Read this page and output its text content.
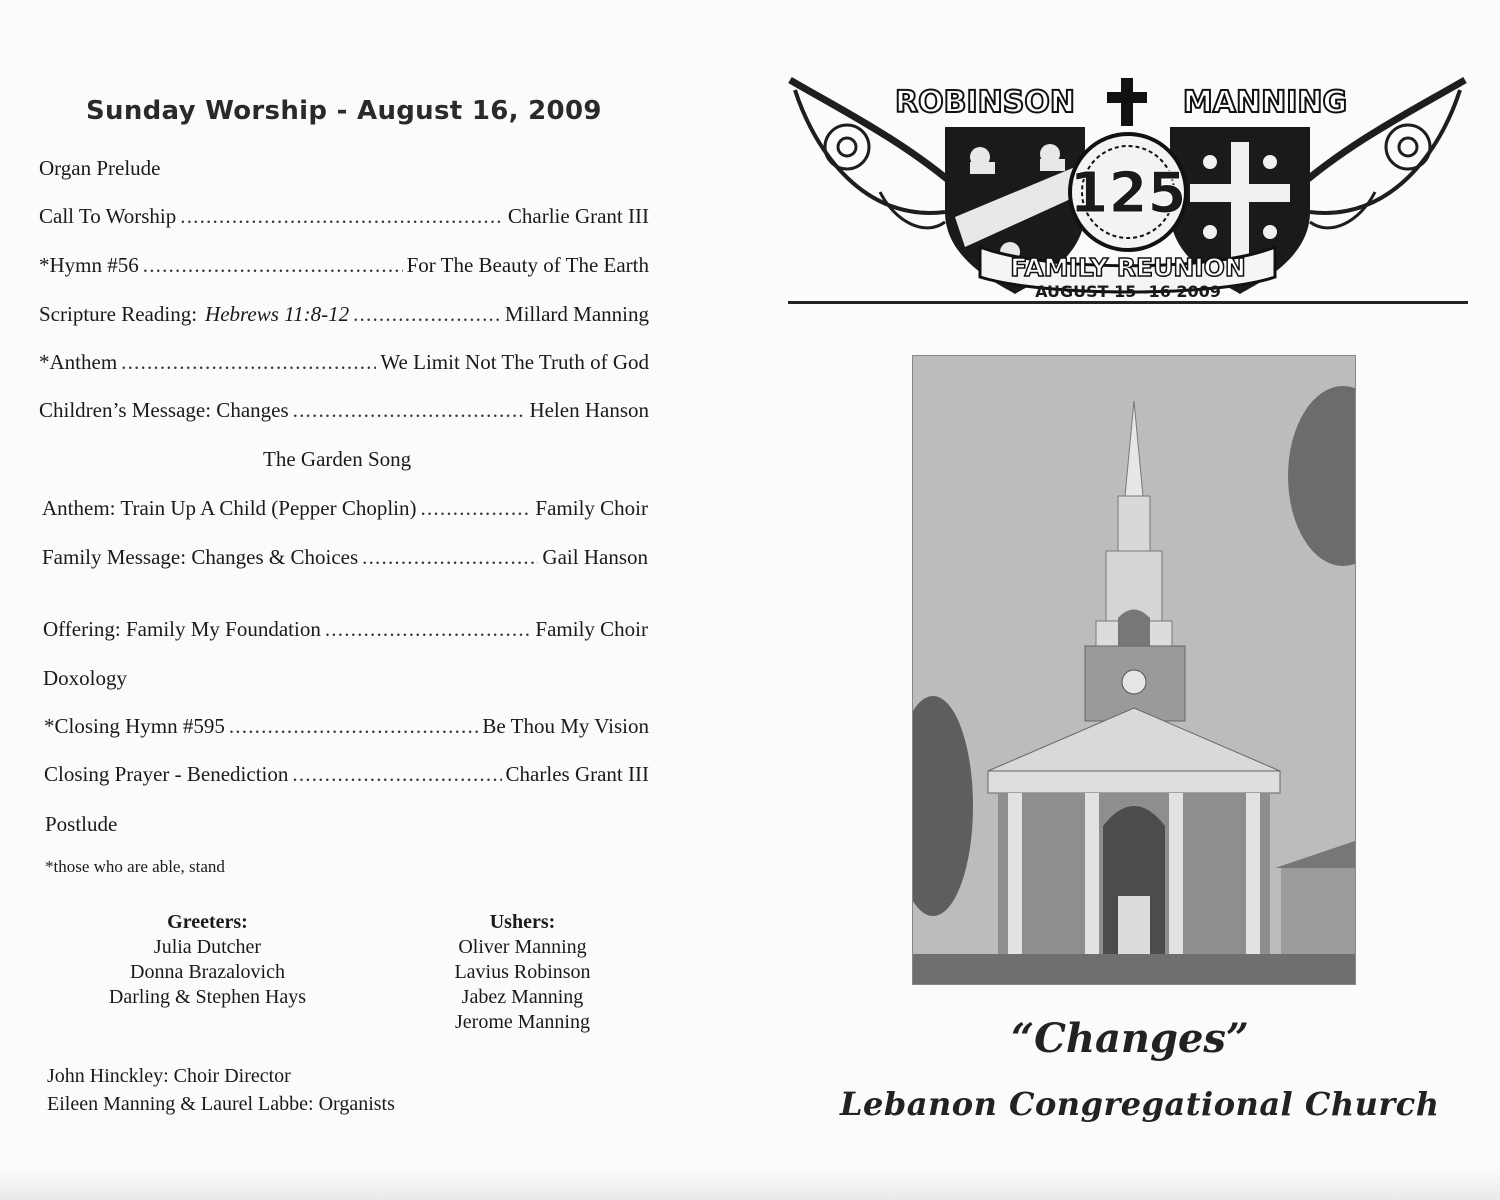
Sunday Worship - August 16, 2009
Organ Prelude
Call To Worship .....	Charlie Grant III
*Hymn #56 .....	For The Beauty of The Earth
Scripture Reading: Hebrews 11:8-12 .....	Millard Manning
*Anthem .....	We Limit Not The Truth of God
Children’s Message: Changes .....	Helen Hanson
The Garden Song
Anthem: Train Up A Child (Pepper Choplin) .....	Family Choir
Family Message: Changes & Choices .....	Gail Hanson
Offering: Family My Foundation .....	Family Choir
Doxology
*Closing Hymn #595 .....	Be Thou My Vision
Closing Prayer - Benediction .....	Charles Grant III
Postlude
*those who are able, stand
Greeters:
Julia Dutcher
Donna Brazalovich
Darling & Stephen Hays
Ushers:
Oliver Manning
Lavius Robinson
Jabez Manning
Jerome Manning
John Hinckley: Choir Director
Eileen Manning & Laurel Labbe: Organists
ROBINSON	MANNING
125
FAMILY REUNION
AUGUST 15 -16 2009
“Changes”
Lebanon Congregational Church
